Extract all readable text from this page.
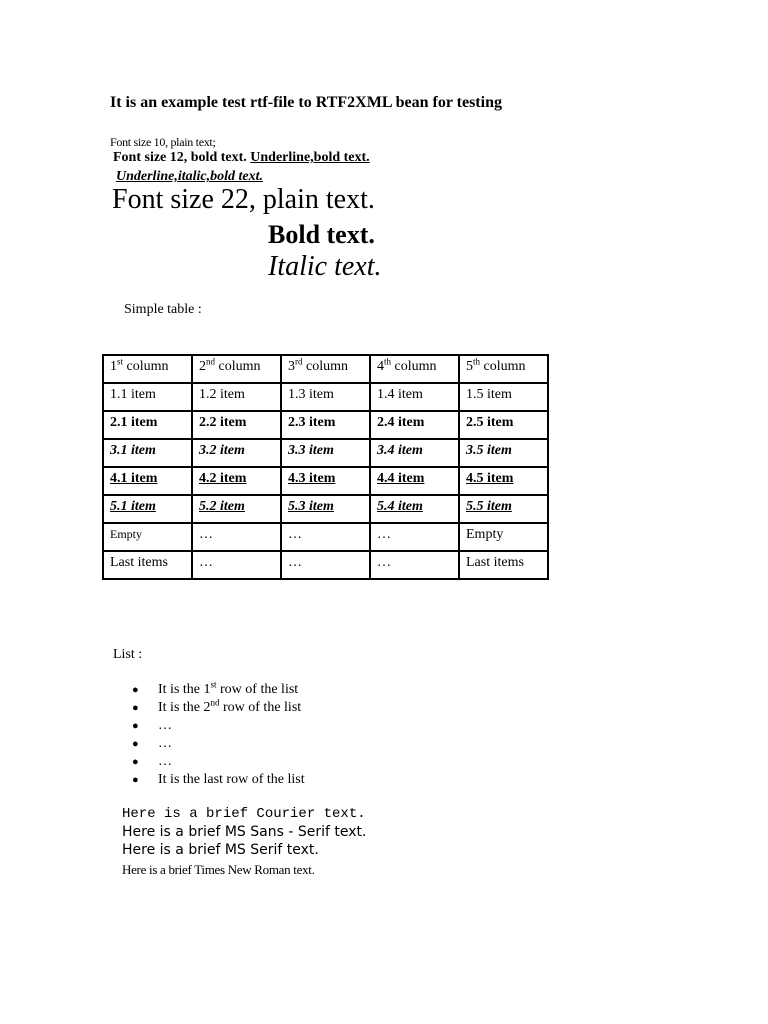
It is an example test rtf-file to RTF2XML bean for testing
Font size 10, plain text;
Font size 12, bold text. Underline,bold text.
Underline,italic,bold text.
Font size 22, plain text.
Bold text.
Italic text.
Simple table :
1st column	2nd column	3rd column	4th column	5th column
1.1 item	1.2 item	1.3 item	1.4 item	1.5 item
2.1 item	2.2 item	2.3 item	2.4 item	2.5 item
3.1 item	3.2 item	3.3 item	3.4 item	3.5 item
4.1 item	4.2 item	4.3 item	4.4 item	4.5 item
5.1 item	5.2 item	5.3 item	5.4 item	5.5 item
Empty	…	…	…	Empty
Last items	…	…	…	Last items
List :
● It is the 1st row of the list
● It is the 2nd row of the list
● …
● …
● …
● It is the last row of the list
Here is a brief Courier text.
Here is a brief MS Sans - Serif text.
Here is a brief MS Serif text.
Here is a brief Times New Roman text.
